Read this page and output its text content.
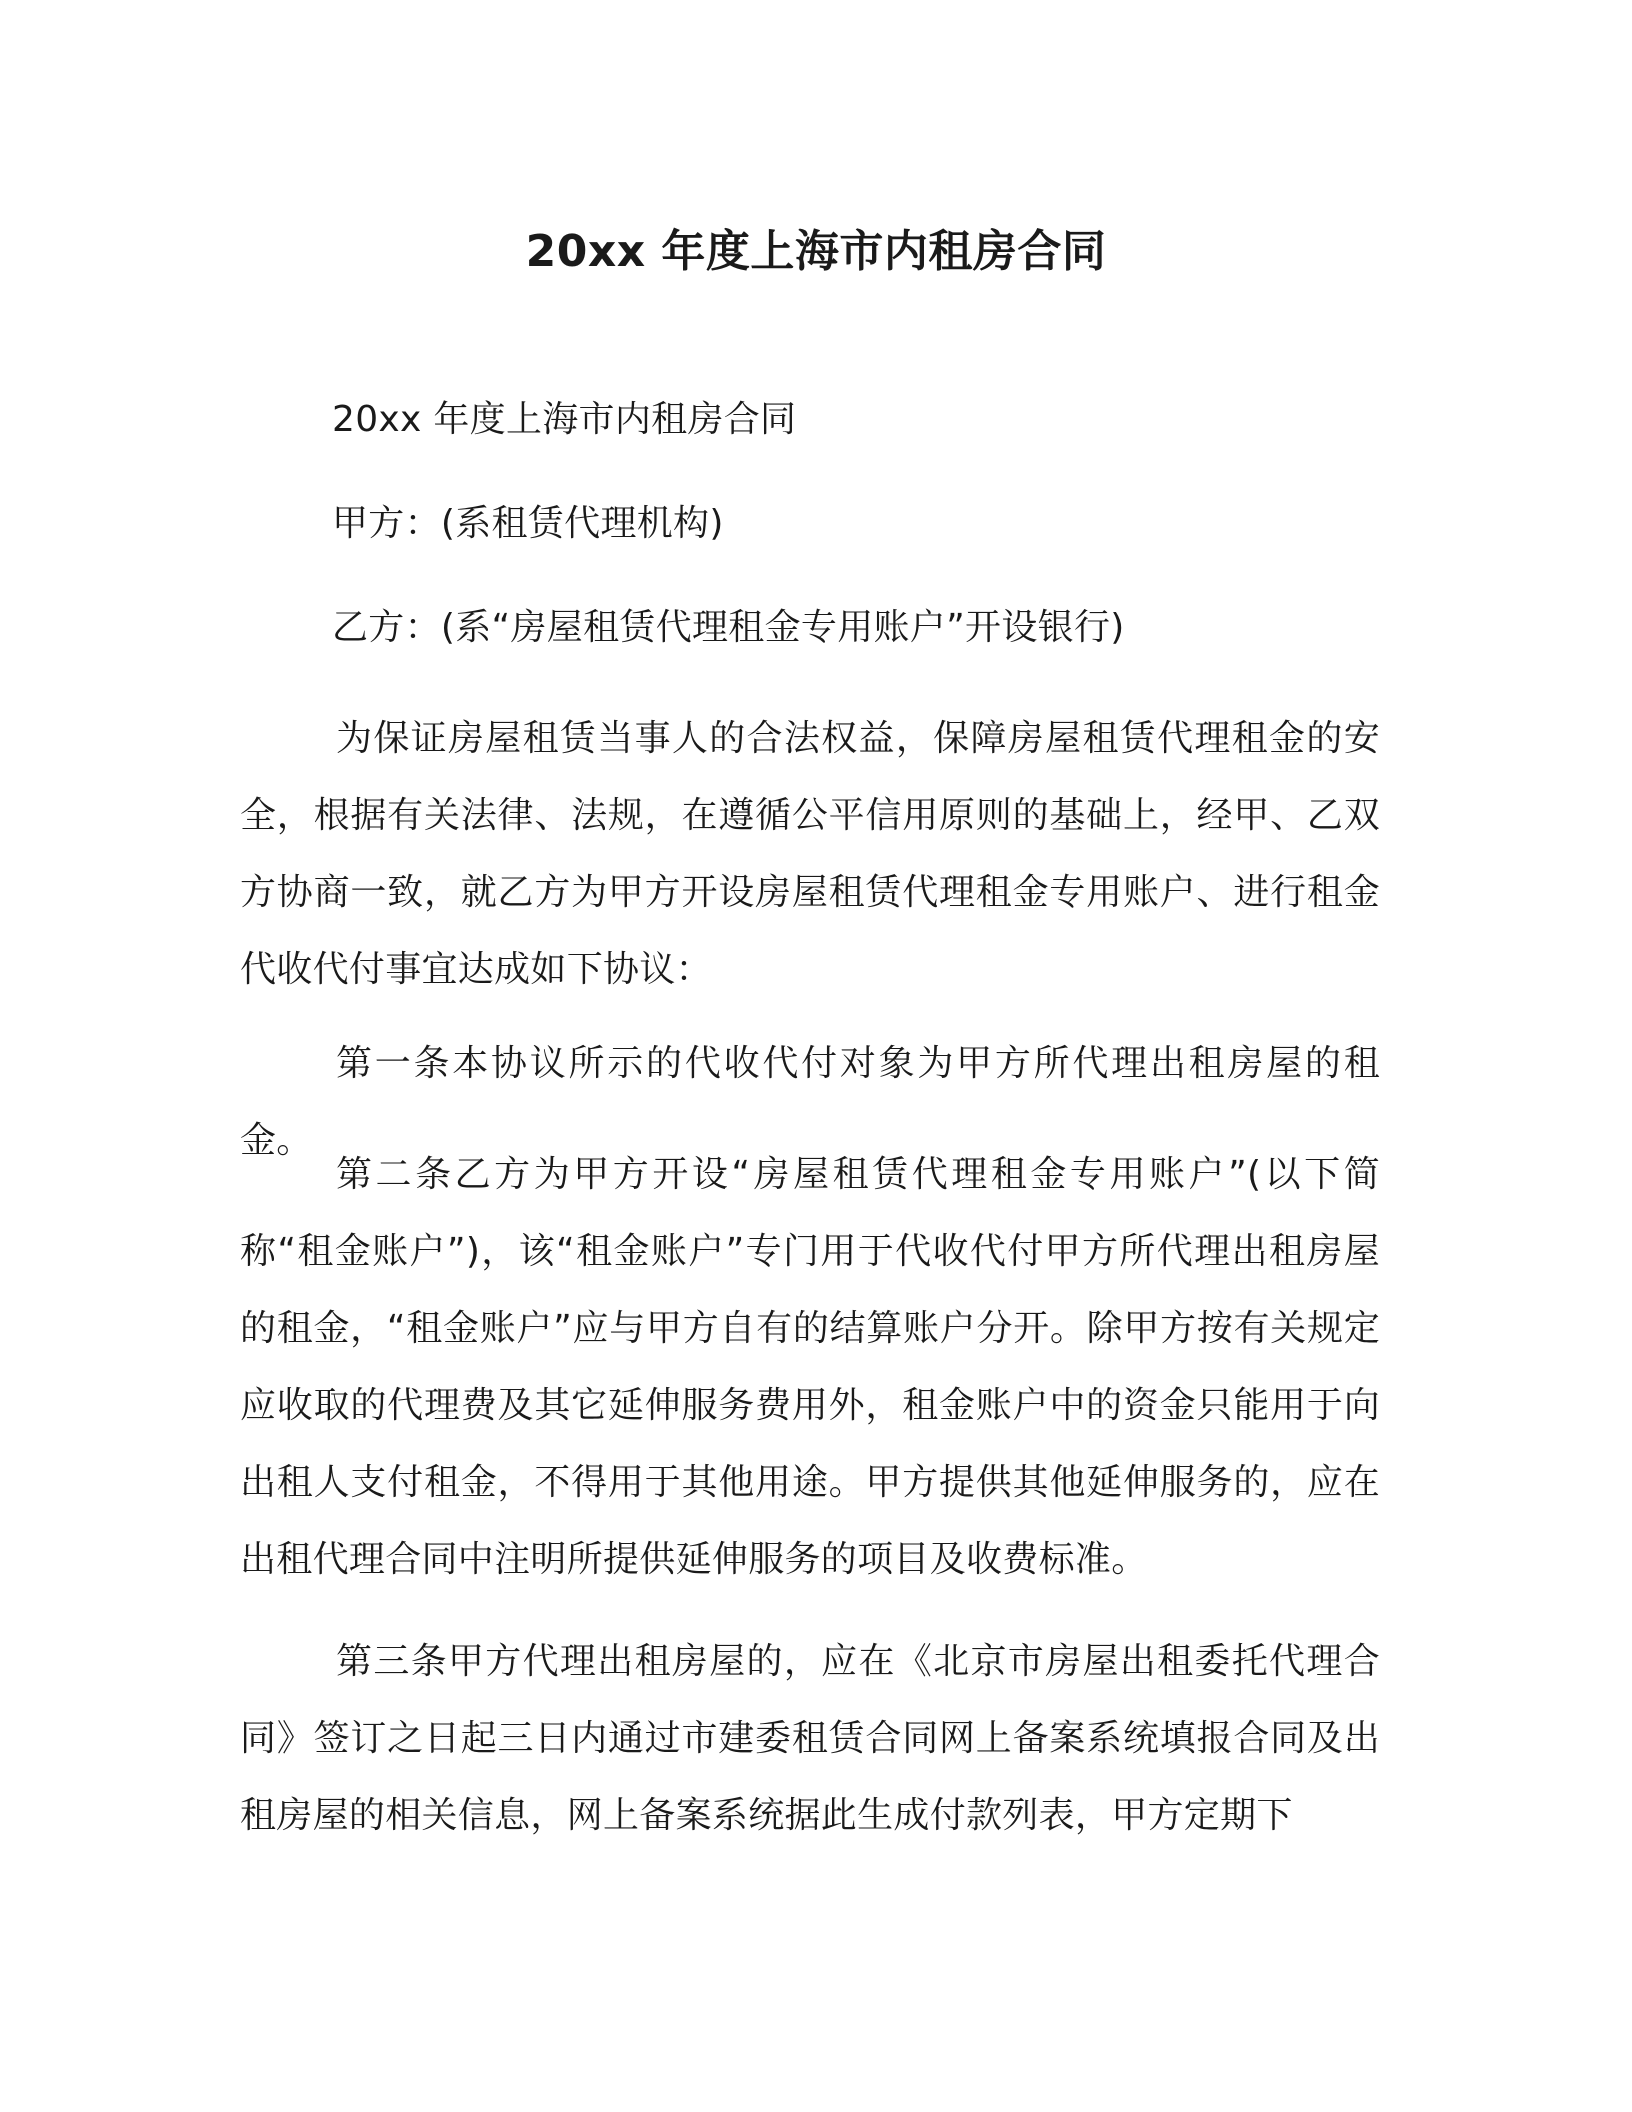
20xx 年度上海市内租房合同

20xx 年度上海市内租房合同

甲方：(系租赁代理机构)

乙方：(系“房屋租赁代理租金专用账户”开设银行)

为保证房屋租赁当事人的合法权益，保障房屋租赁代理租金的安全，根据有关法律、法规，在遵循公平信用原则的基础上，经甲、乙双方协商一致，就乙方为甲方开设房屋租赁代理租金专用账户、进行租金代收代付事宜达成如下协议：

第一条本协议所示的代收代付对象为甲方所代理出租房屋的租金。

第二条乙方为甲方开设“房屋租赁代理租金专用账户”(以下简称“租金账户”)，该“租金账户”专门用于代收代付甲方所代理出租房屋的租金，“租金账户”应与甲方自有的结算账户分开。除甲方按有关规定应收取的代理费及其它延伸服务费用外，租金账户中的资金只能用于向出租人支付租金，不得用于其他用途。甲方提供其他延伸服务的，应在出租代理合同中注明所提供延伸服务的项目及收费标准。

第三条甲方代理出租房屋的，应在《北京市房屋出租委托代理合同》签订之日起三日内通过市建委租赁合同网上备案系统填报合同及出租房屋的相关信息，网上备案系统据此生成付款列表，甲方定期下
